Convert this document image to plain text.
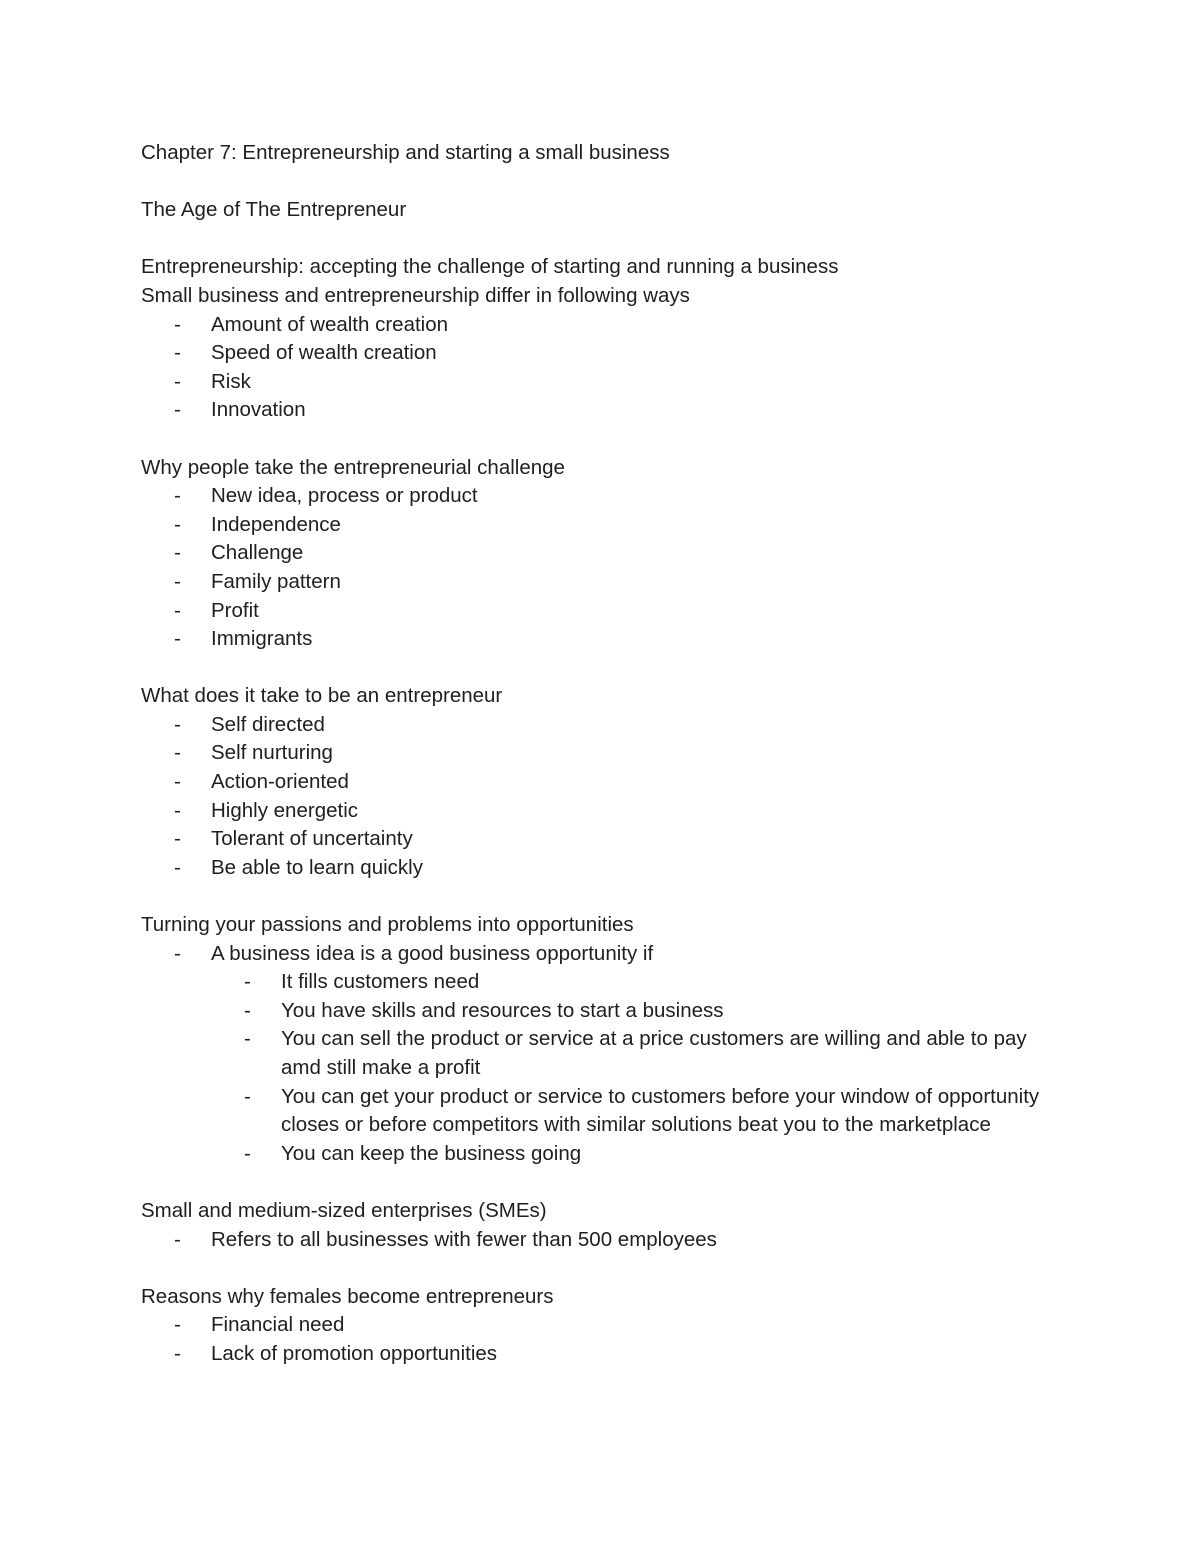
Chapter 7: Entrepreneurship and starting a small business

The Age of The Entrepreneur

Entrepreneurship: accepting the challenge of starting and running a business

Small business and entrepreneurship differ in following ways

-	Amount of wealth creation
-	Speed of wealth creation
-	Risk
-	Innovation

Why people take the entrepreneurial challenge

-	New idea, process or product
-	Independence
-	Challenge
-	Family pattern
-	Profit
-	Immigrants

What does it take to be an entrepreneur

-	Self directed
-	Self nurturing
-	Action-oriented
-	Highly energetic
-	Tolerant of uncertainty
-	Be able to learn quickly

Turning your passions and problems into opportunities

-	A business idea is a good business opportunity if
-	It fills customers need
-	You have skills and resources to start a business
-	You can sell the product or service at a price customers are willing and able to pay amd still make a profit
-	You can get your product or service to customers before your window of opportunity closes or before competitors with similar solutions beat you to the marketplace
-	You can keep the business going

Small and medium-sized enterprises (SMEs)

-	Refers to all businesses with fewer than 500 employees

Reasons why females become entrepreneurs

-	Financial need
-	Lack of promotion opportunities
